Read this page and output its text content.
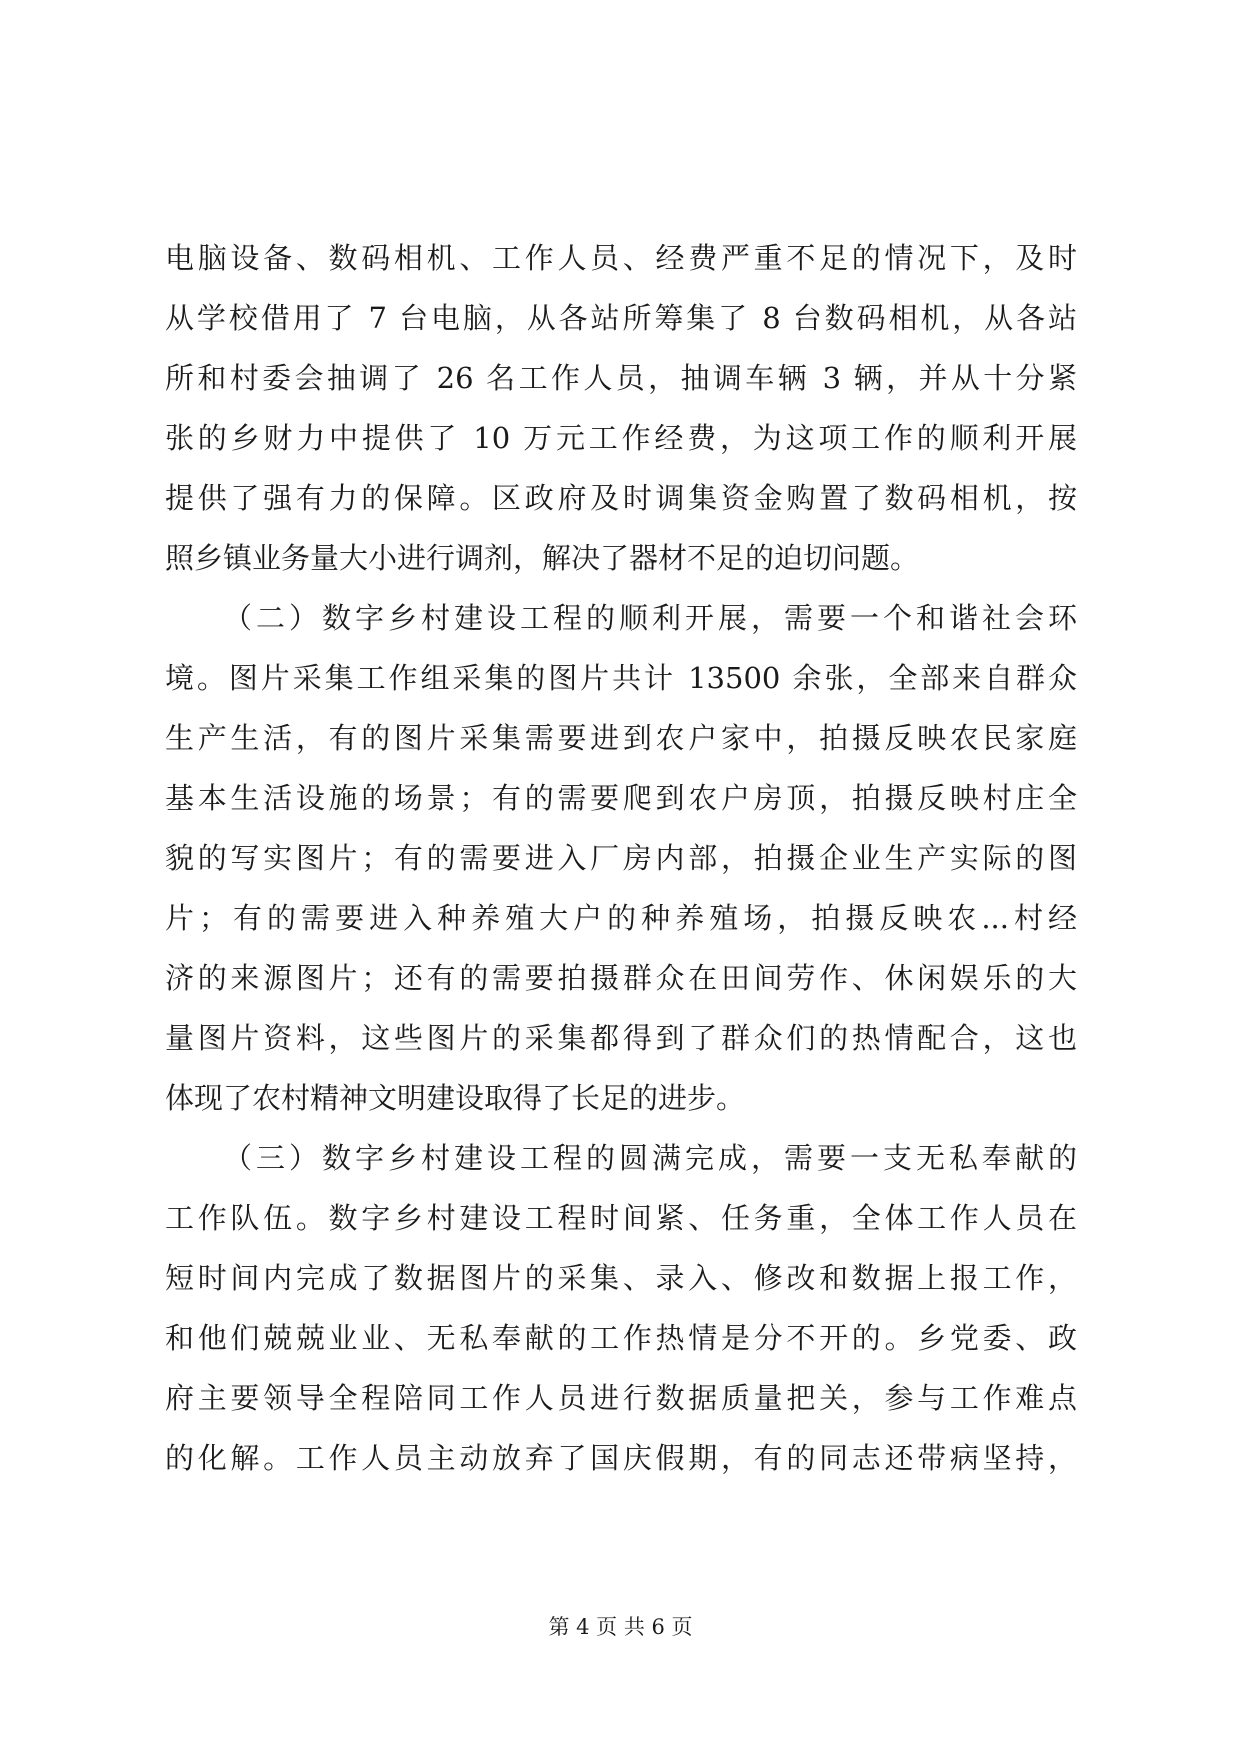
电脑设备、数码相机、工作人员、经费严重不足的情况下，及时
从学校借用了 7 台电脑，从各站所筹集了 8 台数码相机，从各站
所和村委会抽调了 26 名工作人员，抽调车辆 3 辆，并从十分紧
张的乡财力中提供了 10 万元工作经费，为这项工作的顺利开展
提供了强有力的保障。区政府及时调集资金购置了数码相机，按
照乡镇业务量大小进行调剂，解决了器材不足的迫切问题。
（二）数字乡村建设工程的顺利开展，需要一个和谐社会环
境。图片采集工作组采集的图片共计 13500 余张，全部来自群众
生产生活，有的图片采集需要进到农户家中，拍摄反映农民家庭
基本生活设施的场景；有的需要爬到农户房顶，拍摄反映村庄全
貌的写实图片；有的需要进入厂房内部，拍摄企业生产实际的图
片；有的需要进入种养殖大户的种养殖场，拍摄反映农...村经
济的来源图片；还有的需要拍摄群众在田间劳作、休闲娱乐的大
量图片资料，这些图片的采集都得到了群众们的热情配合，这也
体现了农村精神文明建设取得了长足的进步。
（三）数字乡村建设工程的圆满完成，需要一支无私奉献的
工作队伍。数字乡村建设工程时间紧、任务重，全体工作人员在
短时间内完成了数据图片的采集、录入、修改和数据上报工作，
和他们兢兢业业、无私奉献的工作热情是分不开的。乡党委、政
府主要领导全程陪同工作人员进行数据质量把关，参与工作难点
的化解。工作人员主动放弃了国庆假期，有的同志还带病坚持，
第 4 页 共 6 页
